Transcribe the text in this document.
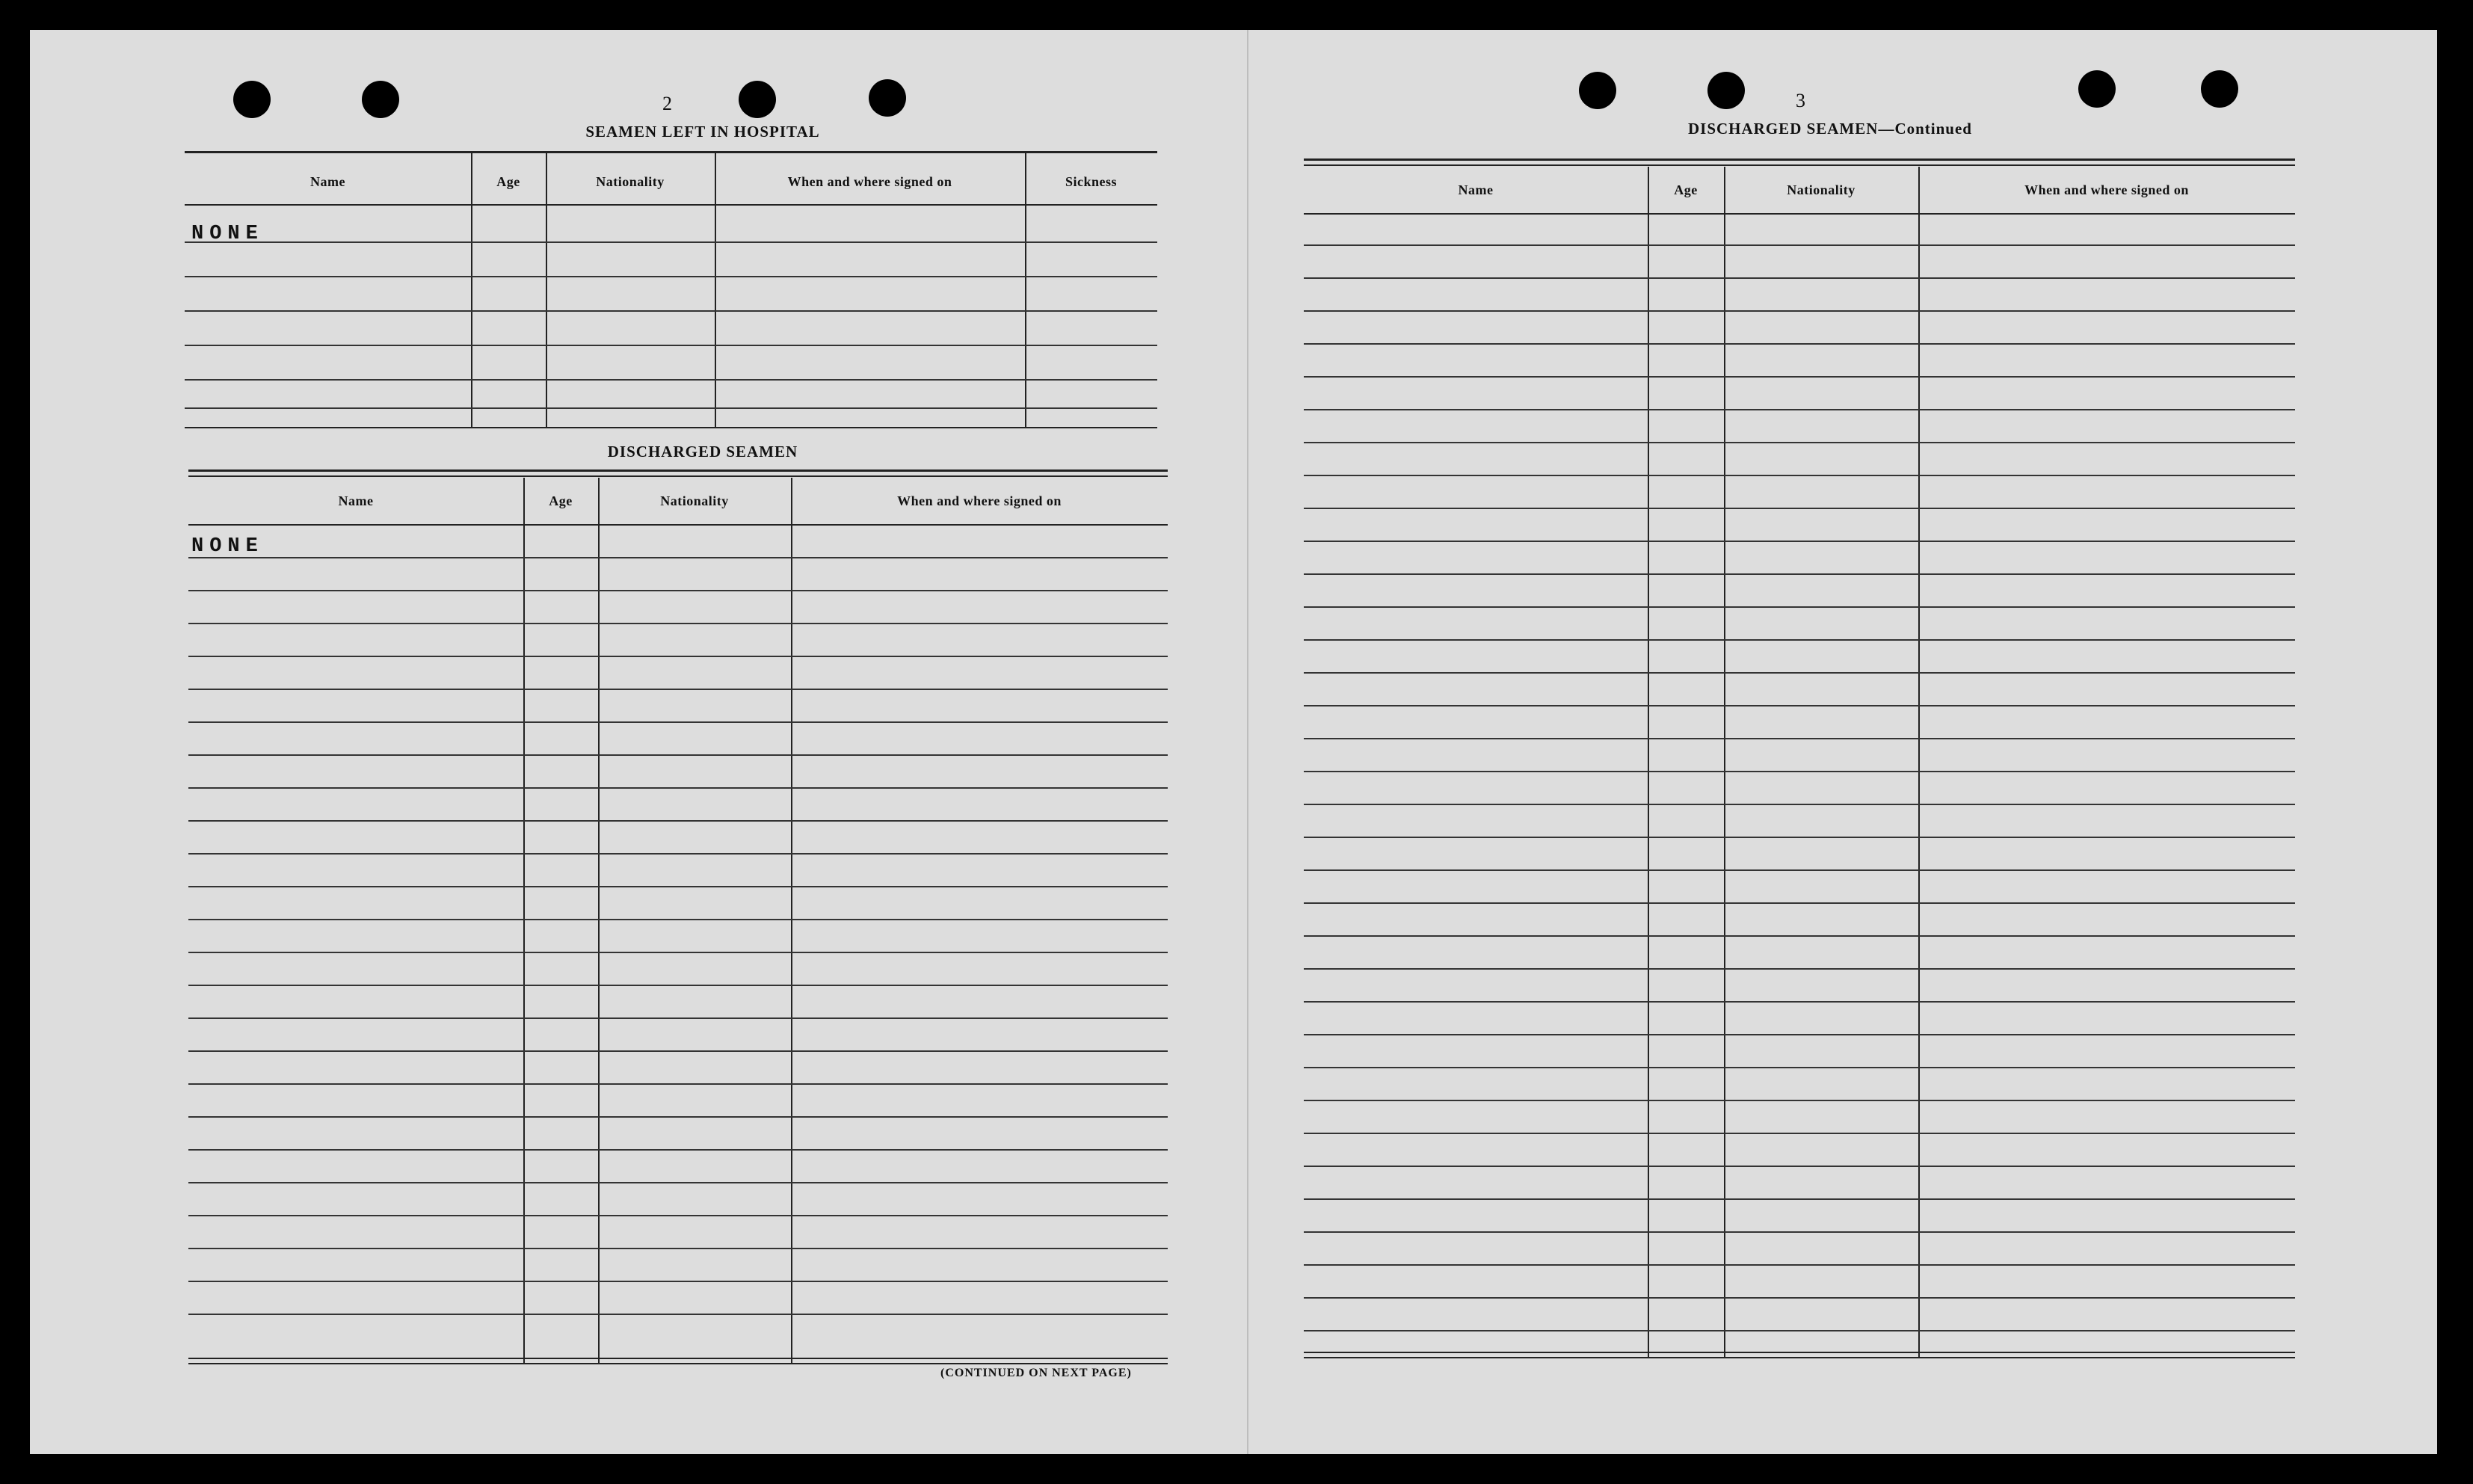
2
SEAMEN LEFT IN HOSPITAL
Name	Age	Nationality	When and where signed on	Sickness
NONE
DISCHARGED SEAMEN
Name	Age	Nationality	When and where signed on
NONE
(CONTINUED ON NEXT PAGE)
3
DISCHARGED SEAMEN—Continued
Name	Age	Nationality	When and where signed on
